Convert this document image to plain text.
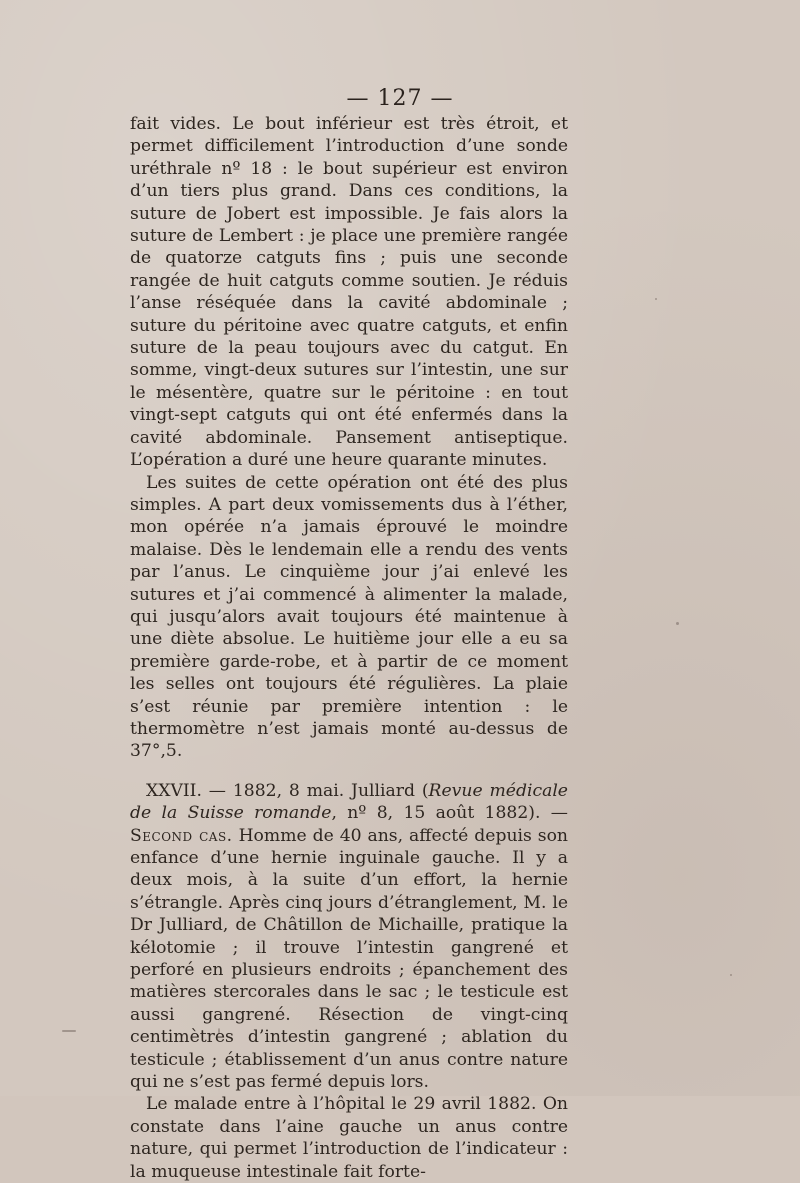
— 127 —

fait vides. Le bout inférieur est très étroit, et permet difficilement l’introduction d’une sonde uréthrale nº 18 : le bout supérieur est environ d’un tiers plus grand. Dans ces conditions, la suture de Jobert est impossible. Je fais alors la suture de Lembert : je place une première rangée de quatorze catguts fins ; puis une seconde rangée de huit catguts comme soutien. Je réduis l’anse réséquée dans la cavité abdominale ; suture du péritoine avec quatre catguts, et enfin suture de la peau toujours avec du catgut. En somme, vingt-deux sutures sur l’intestin, une sur le mésentère, quatre sur le péritoine : en tout vingt-sept catguts qui ont été enfermés dans la cavité abdominale. Pansement antiseptique. L’opération a duré une heure quarante minutes.

Les suites de cette opération ont été des plus simples. A part deux vomissements dus à l’éther, mon opérée n’a jamais éprouvé le moindre malaise. Dès le lendemain elle a rendu des vents par l’anus. Le cinquième jour j’ai enlevé les sutures et j’ai commencé à alimenter la malade, qui jusqu’alors avait toujours été maintenue à une diète absolue. Le huitième jour elle a eu sa première garde-robe, et à partir de ce moment les selles ont toujours été régulières. La plaie s’est réunie par première intention : le thermomètre n’est jamais monté au-dessus de 37°,5.

XXVII. — 1882, 8 mai. Julliard (Revue médicale de la Suisse romande, nº 8, 15 août 1882). — Second cas. Homme de 40 ans, affecté depuis son enfance d’une hernie inguinale gauche. Il y a deux mois, à la suite d’un effort, la hernie s’étrangle. Après cinq jours d’étranglement, M. le Dr Julliard, de Châtillon de Michaille, pratique la kélotomie ; il trouve l’intestin gangrené et perforé en plusieurs endroits ; épanchement des matières stercorales dans le sac ; le testicule est aussi gangrené. Résection de vingt-cinq centimètres d’intestin gangrené ; ablation du testicule ; établissement d’un anus contre nature qui ne s’est pas fermé depuis lors.

Le malade entre à l’hôpital le 29 avril 1882. On constate dans l’aine gauche un anus contre nature, qui permet l’introduction de l’indicateur : la muqueuse intestinale fait forte-
